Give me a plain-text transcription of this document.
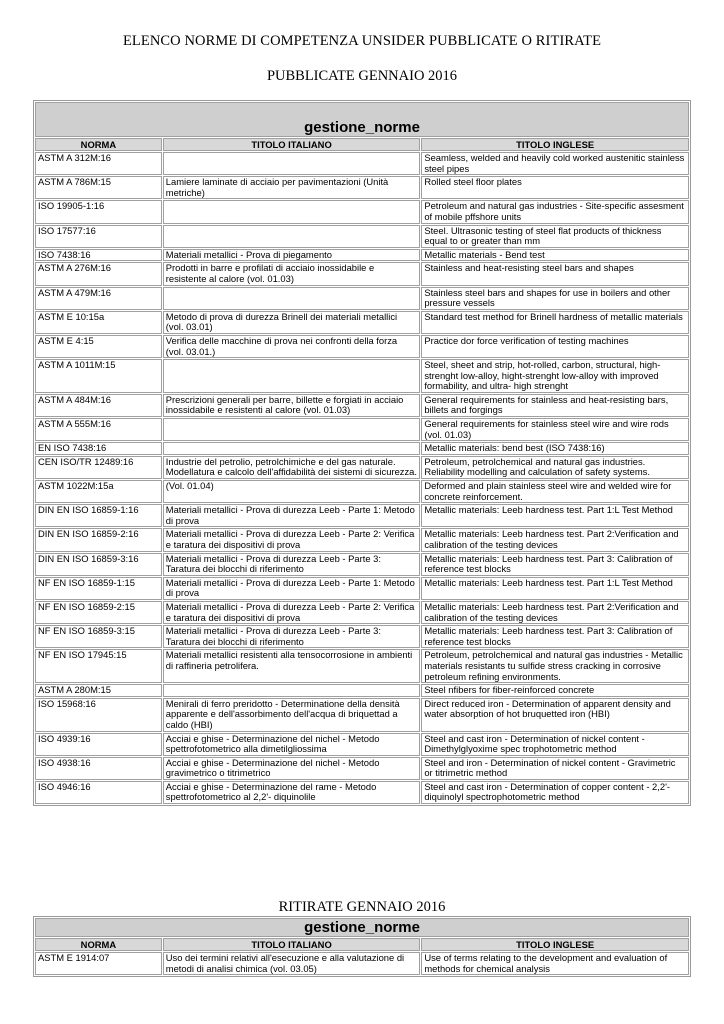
ELENCO NORME DI COMPETENZA UNSIDER PUBBLICATE O RITIRATE
PUBBLICATE GENNAIO 2016
gestione_norme		
NORMA	TITOLO ITALIANO	TITOLO INGLESE
ASTM A 312M:16		Seamless, welded and heavily cold worked austenitic stainless steel pipes
ASTM A 786M:15	Lamiere laminate di acciaio per pavimentazioni (Unità metriche)	Rolled steel floor plates
ISO 19905-1:16		Petroleum and natural gas industries - Site-specific assesment of mobile pffshore units
ISO 17577:16		Steel. Ultrasonic testing of steel flat products of thickness equal to or greater than mm
ISO 7438:16	Materiali metallici - Prova di piegamento	Metallic materials - Bend test
ASTM A 276M:16	Prodotti in barre e profilati di acciaio inossidabile e resistente al calore (vol. 01.03)	Stainless and heat-resisting steel bars and shapes
ASTM A 479M:16		Stainless steel bars and shapes for use in boilers and other pressure vessels
ASTM E 10:15a	Metodo di prova di durezza Brinell dei materiali metallici (vol. 03.01)	Standard test method for Brinell hardness of metallic materials
ASTM E 4:15	Verifica delle macchine di prova nei confronti della forza (vol. 03.01.)	Practice dor force verification of testing machines
ASTM A 1011M:15		Steel, sheet and strip, hot-rolled, carbon, structural, high-strenght low-alloy, hight-strenght low-alloy with improved formability, and ultra- high strenght
ASTM A 484M:16	Prescrizioni generali per barre, billette e forgiati in acciaio inossidabile e resistenti al calore (vol. 01.03)	General requirements for stainless and heat-resisting bars, billets and forgings
ASTM A 555M:16		General requirements for stainless steel wire and wire rods (vol. 01.03)
EN ISO 7438:16		Metallic materials: bend best (ISO 7438:16)
CEN ISO/TR 12489:16	Industrie del petrolio, petrolchimiche e del gas naturale. Modellatura e calcolo dell'affidabilità dei sistemi di sicurezza.	Petroleum, petrolchemical and natural gas industries. Reliability modelling and calculation of safety systems.
ASTM 1022M:15a	(Vol. 01.04)	Deformed and plain stainless steel wire and welded wire for concrete reinforcement.
DIN EN ISO 16859-1:16	Materiali metallici - Prova di durezza Leeb - Parte 1: Metodo di prova	Metallic materials: Leeb hardness test. Part 1:L Test Method
DIN EN ISO 16859-2:16	Materiali metallici - Prova di durezza Leeb - Parte 2: Verifica e taratura dei dispositivi di prova	Metallic materials: Leeb hardness test. Part 2:Verification and calibration of the testing devices
DIN EN ISO 16859-3:16	Materiali metallici - Prova di durezza Leeb - Parte 3: Taratura dei blocchi di riferimento	Metallic materials: Leeb hardness test. Part 3: Calibration of reference test blocks
NF EN ISO 16859-1:15	Materiali metallici - Prova di durezza Leeb - Parte 1: Metodo di prova	Metallic materials: Leeb hardness test. Part 1:L Test Method
NF EN ISO 16859-2:15	Materiali metallici - Prova di durezza Leeb - Parte 2: Verifica e taratura dei dispositivi di prova	Metallic materials: Leeb hardness test. Part 2:Verification and calibration of the testing devices
NF EN ISO 16859-3:15	Materiali metallici - Prova di durezza Leeb - Parte 3: Taratura dei blocchi di riferimento	Metallic materials: Leeb hardness test. Part 3: Calibration of reference test blocks
NF EN ISO 17945:15	Materiali metallici resistenti alla tensocorrosione in ambienti di raffineria petrolifera.	Petroleum, petrolchemical and natural gas industries - Metallic materials resistants tu sulfide stress cracking in corrosive petroleum refining environments.
ASTM A 280M:15		Steel nfibers for fiber-reinforced concrete
ISO 15968:16	Menirali di ferro preridotto - Determinatione della densità apparente e dell'assorbimento dell'acqua di briquettad a caldo (HBI)	Direct reduced iron - Determination of apparent density and water absorption of hot bruquetted iron (HBI)
ISO 4939:16	Acciai e ghise - Determinazione del nichel - Metodo spettrofotometrico alla dimetilgliossima	Steel and cast iron - Determination of nickel content - Dimethylglyoxime spec trophotometric method
ISO 4938:16	Acciai e ghise - Determinazione del nichel - Metodo gravimetrico o titrimetrico	Steel and iron - Determination of nickel content - Gravimetric or titrimetric method
ISO 4946:16	Acciai e ghise - Determinazione del rame - Metodo spettrofotometrico al 2,2'- diquinolile	Steel and cast iron - Determination of copper content - 2,2'-diquinolyl spectrophotometric method
RITIRATE GENNAIO 2016
gestione_norme		
NORMA	TITOLO ITALIANO	TITOLO INGLESE
ASTM E 1914:07	Uso dei termini relativi all'esecuzione e alla valutazione di metodi di analisi chimica (vol. 03.05)	Use of terms relating to the development and evaluation of methods for chemical analysis
